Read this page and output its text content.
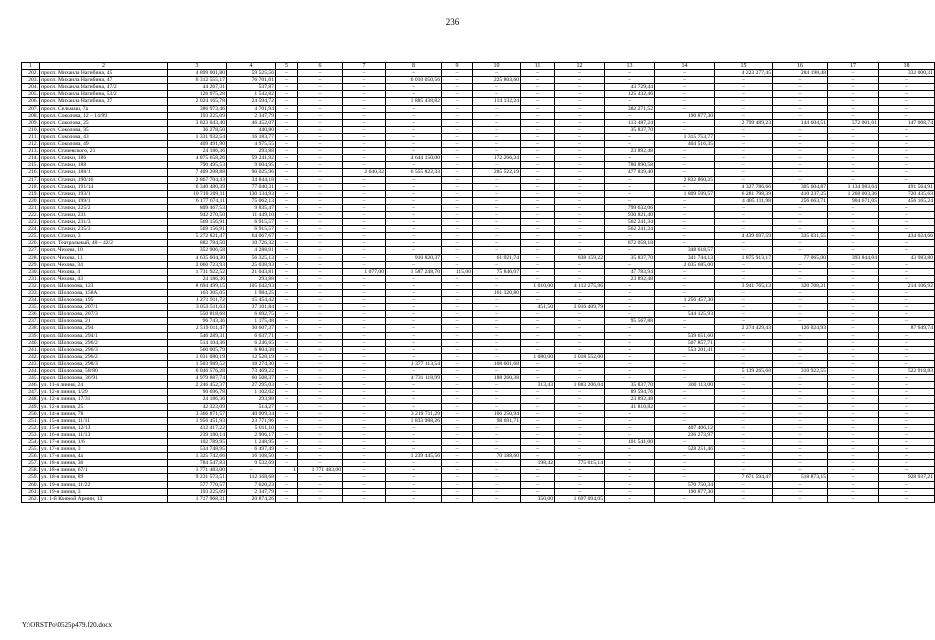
236
1	2	3	4	5	6	7	8	9	10	11	12	13	14	15	16	17	18
202.	просп. Михаила Нагибина, 45	4 899 001,80	59 525,56	–	–	–	–	–	–	–	–	–	–	4 223 277,45	284 198,48	–	332 000,31
203.	просп. Михаила Нагибина, 47	6 312 555,17	76 701,01	–	–	–	6 010 050,56	–	225 803,60	–	–	–	–	–	–	–	–
204.	просп. Михаила Нагибина, 47/2	44 267,31	537,87	–	–	–	–	–	–	–	–	43 729,44	–	–	–	–	–
205.	просп. Михаила Нагибина, 53/2	126 975,28	1 542,82	–	–	–	–	–	–	–	–	125 432,46	–	–	–	–	–
206.	просп. Михаила Нагибина, 37	2 024 165,78	24 594,72	–	–	–	1 885 438,82	–	114 132,24	–	–	–	–	–	–	–	–
207.	просп. Сельмаш, 7а	386 973,46	4 701,94	–	–	–	–	–	–	–	–	382 271,52	–	–	–	–	–
208.	просп. Соколова, 12 – 14/99	193 225,09	2 347,79	–	–	–	–	–	–	–	–	–	190 877,30	–	–	–	–
209.	просп. Соколова, 25	3 823 043,40	46 452,07	–	–	–	–	–	–	–	–	113 487,24	–	2 799 489,23	144 604,51	572 001,61	147 008,74
210.	просп. Соколова, 35	36 278,50	440,80	–	–	–	–	–	–	–	–	35 837,70	–	–	–	–	–
211.	просп. Соколова, 43	1 331 932,54	16 183,77	–	–	–	–	–	–	–	–	–	1 315 753,77	–	–	–	–
212.	просп. Соколова, 49	409 491,90	4 975,55	–	–	–	–	–	–	–	–	–	404 516,35	–	–	–	–
213.	просп. Стачевского, 21	24 186,36	293,88	–	–	–	–	–	–	–	–	23 892,48	–	–	–	–	–
214.	просп. Стачки, 186	4 875 658,26	59 241,92	–	–	–	4 644 150,00	–	172 266,34	–	–	–	–	–	–	–	–
215.	просп. Стачки, 188	790 495,53	9 604,95	–	–	–	–	–	–	–	–	780 890,58	–	–	–	–	–
216.	просп. Стачки, 188/1	7 409 208,88	90 025,96	–	–	2 040,32	6 555 822,33	–	285 522,19	–	–	477 839,40	–	–	–	–	–
217.	просп. Стачки, 190/16	2 867 704,43	34 844,18	–	–	–	–	–	–	–	–	–	2 832 860,25	–	–	–	–
218.	просп. Стачки, 191/14	6 340 480,39	77 040,31	–	–	–	–	–	–	–	–	–	–	4 327 786,66	305 604,87	1 134 983,64	491 564,91
219.	просп. Стачки, 193/1	10 710 209,11	130 134,93	–	–	–	–	–	–	–	–	–	1 809 599,57	6 281 798,39	410 237,25	1 268 003,36	720 435,63
220.	просп. Стачки, 199/1	6 177 674,11	75 062,13	–	–	–	–	–	–	–	–	–	–	4 485 111,98	256 663,71	904 671,05	456 165,24
221.	просп. Стачки, 225/2	809 467,53	9 835,47	–	–	–	–	–	–	–	–	799 632,06	–	–	–	–	–
222.	просп. Стачки, 231	942 270,50	11 449,10	–	–	–	–	–	–	–	–	930 821,40	–	–	–	–	–
223.	просп. Стачки, 231/3	569 156,91	6 915,57	–	–	–	–	–	–	–	–	562 241,34	–	–	–	–	–
224.	просп. Стачки, 235/3	569 156,91	6 915,57	–	–	–	–	–	–	–	–	562 241,34	–	–	–	–	–
225.	просп. Стачки, 3	5 272 821,47	64 067,67	–	–	–	–	–	–	–	–	–	–	4 439 697,59	335 031,55	–	434 024,66
226.	просп. Театральный, 40 – 42/2	882 784,50	10 726,32	–	–	–	–	–	–	–	–	872 058,18	–	–	–	–	–
227.	просп. Чехова, 10	352 906,58	4 288,01	–	–	–	–	–	–	–	–	–	348 618,57	–	–	–	–
228.	просп. Чехова, 11	4 635 604,30	56 325,13	–	–	–	910 820,37	–	61 921,74	–	838 159,22	35 837,70	341 744,13	1 875 913,17	77 065,00	393 844,04	43 983,80
229.	просп. Чехова, 34	2 060 723,93	25 038,93	–	–	–	–	–	–	–	–	–	2 035 685,00	–	–	–	–
230.	просп. Чехова, 4	1 731 922,52	21 043,81	–	–	1 077,00	1 587 248,70	115,00	75 846,07	–	–	47 783,94	–	–	–	–	–
231.	просп. Чехова, 43	24 186,36	293,88	–	–	–	–	–	–	–	–	23 892,48	–	–	–	–	–
232.	просп. Шолохова, 123	8 694 499,15	105 642,93	–	–	–	–	–	–	1 010,00	4 112 275,96	–	–	3 941 765,13	320 708,21	–	214 106,92
233.	просп. Шолохова, 158А	163 305,05	1 984,25	–	–	–	–	–	161 320,80	–	–	–	–	–	–	–	–
234.	просп. Шолохова, 195	1 271 911,72	15 454,42	–	–	–	–	–	–	–	–	–	1 256 457,30	–	–	–	–
235.	просп. Шолохова, 207/1	3 053 511,63	37 101,84	–	–	–	–	–	–	451,50	3 016 409,79	–	–	–	–	–	–
236.	просп. Шолохова, 207/3	550 818,68	6 692,75	–	–	–	–	–	–	–	–	–	544 125,93	–	–	–	–
237.	просп. Шолохова, 21	96 743,36	1 175,48	–	–	–	–	–	–	–	–	95 567,88	–	–	–	–	–
238.	просп. Шолохова, 294	2 519 011,47	30 607,37	–	–	–	–	–	–	–	–	–	–	2 274 429,43	126 024,93	–	87 949,74
239.	просп. Шолохова, 294/1	546 289,31	6 637,71	–	–	–	–	–	–	–	–	–	539 651,60	–	–	–	–
240.	просп. Шолохова, 296/2	514 104,36	6 246,65	–	–	–	–	–	–	–	–	–	507 857,71	–	–	–	–
241.	просп. Шолохова, 296/3	560 005,79	6 804,38	–	–	–	–	–	–	–	–	–	553 201,41	–	–	–	–
242.	просп. Шолохова, 296/2	1 031 080,19	12 528,19	–	–	–	–	–	–	1 080,00	1 018 552,00	–	–	–	–	–	–
243.	просп. Шолохова, 298/3	1 503 989,52	18 274,30	–	–	–	1 377 113,54	–	108 601,68	–	–	–	–	–	–	–	–
244.	просп. Шолохова, 58/80	6 046 576,28	73 469,22	–	–	–	–	–	–	–	–	–	–	5 139 265,68	310 922,55	–	522 918,83
245.	просп. Шолохова, 36/91	4 979 887,74	60 508,37	–	–	–	4 731 118,99	–	188 260,38	–	–	–	–	–	–	–	–
246.	ул. 11-я линия, 24	2 246 452,37	27 295,03	–	–	–	–	–	–	313,43	1 883 206,04	35 837,70	300 113,00	–	–	–	–
247.	ул. 12-я линия, 1/29	90 696,78	1 102,02	–	–	–	–	–	–	–	–	89 594,76	–	–	–	–	–
248.	ул. 12-я линия, 17/31	24 186,36	293,88	–	–	–	–	–	–	–	–	23 892,48	–	–	–	–	–
249.	ул. 12-я линия, 25	42 323,09	514,27	–	–	–	–	–	–	–	–	41 810,82	–	–	–	–	–
250.	ул. 14-я линия, 78	3 366 871,57	40 909,34	–	–	–	3 219 711,29	–	106 250,94	–	–	–	–	–	–	–	–
251.	ул. 15-я линия, 11/11	1 956 451,93	23 771,96	–	–	–	1 833 988,26	–	98 691,71	–	–	–	–	–	–	–	–
252.	ул. 15-я линия, 12/13	412 417,22	5 011,10	–	–	–	–	–	–	–	–	–	407 406,12	–	–	–	–
253.	ул. 16-я линия, 11/13	239 180,14	2 906,17	–	–	–	–	–	–	–	–	–	236 273,97	–	–	–	–
254.	ул. 17-я линия, 1/6	102 789,95	1 248,95	–	–	–	–	–	–	–	–	101 541,00	–	–	–	–	–
255.	ул. 17-я линия, 3	534 748,95	6 497,49	–	–	–	–	–	–	–	–	–	528 251,46	–	–	–	–
256.	ул. 17-я линия, 4а	1 325 742,66	16 108,50	–	–	–	1 239 445,56	–	70 188,60	–	–	–	–	–	–	–	–
257.	ул. 18-я линия, 36	784 547,83	9 532,69	–	–	–	–	–	–	198,42	775 015,14	–	–	–	–	–	–
258.	ул. 18-я линия, 67/1	1 771 483,00	–	1	1 771 483,00	–	–	–	–	–	–	–	–	–	–	–	–
259.	ул. 18-я линия, 89	9 231 573,51	112 168,68	–	–	–	–	–	–	–	–	–	–	7 671 594,47	518 873,15	–	928 937,21
260.	ул. 19-я линия, 11/22	577 770,57	7 020,23	–	–	–	–	–	–	–	–	–	570 750,34	–	–	–	–
261.	ул. 19-я линия, 3	193 225,09	2 347,79	–	–	–	–	–	–	–	–	–	190 877,30	–	–	–	–
262.	ул. 1-й Конной Армии, 13	1 717 968,31	20 874,26	–	–	–	–	–	–	350,00	1 697 094,05	–	–	–	–	–	–
Y:\ORSTPo\0525p479.f20.docx
